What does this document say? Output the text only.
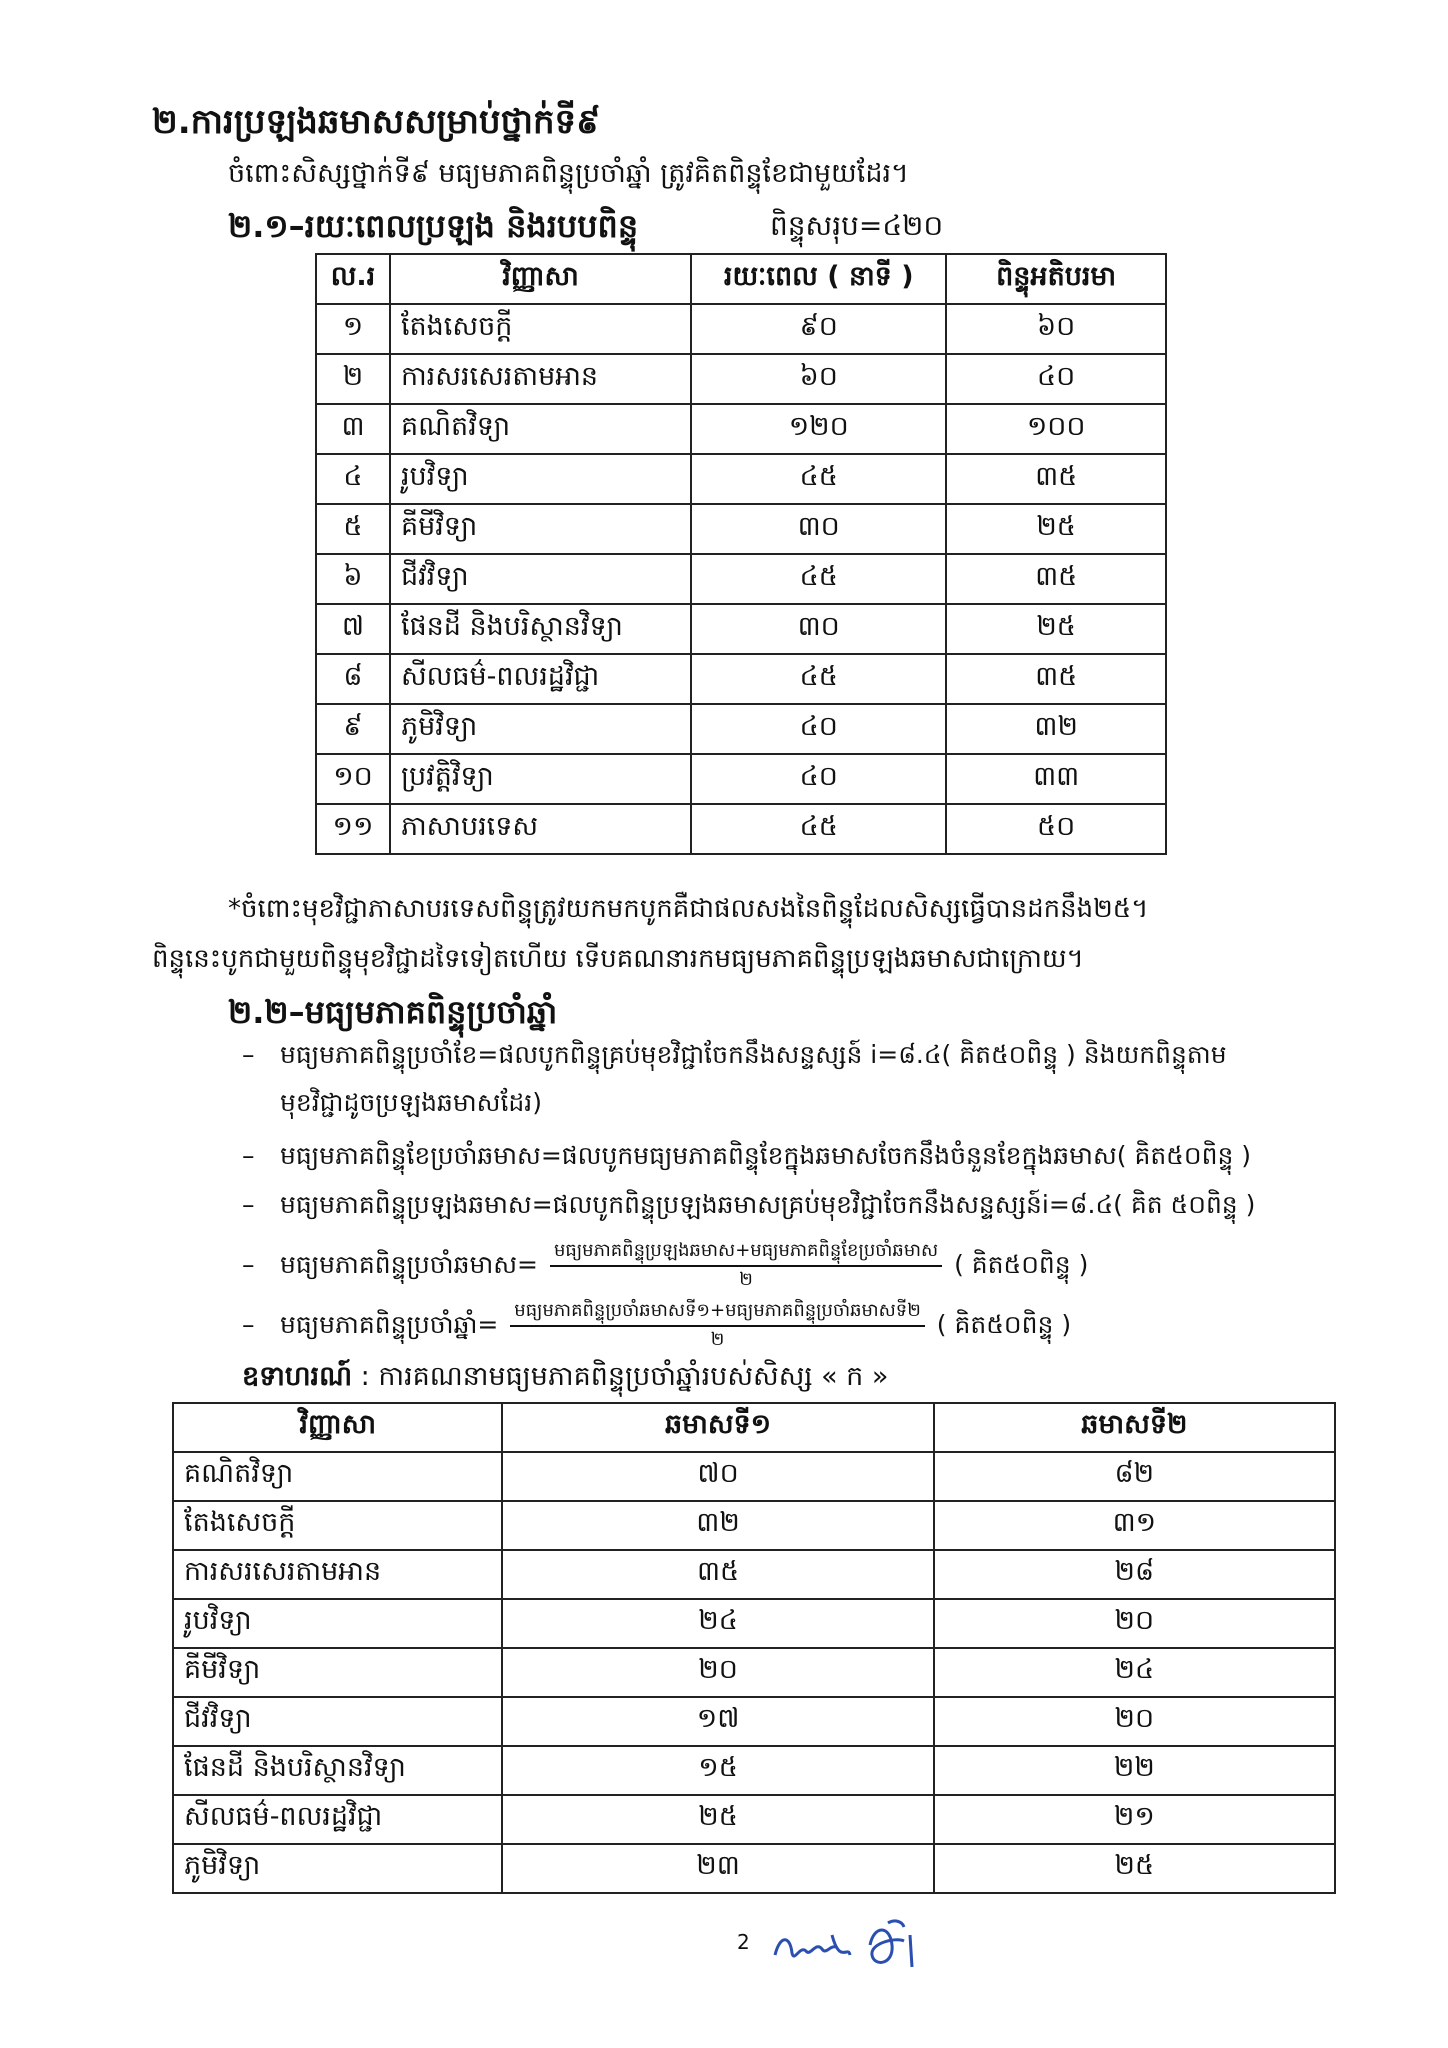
២.ការប្រឡងឆមាសសម្រាប់ថ្នាក់ទី៩
ចំពោះសិស្សថ្នាក់ទី៩ មធ្យមភាគពិន្ទុប្រចាំឆ្នាំ ត្រូវគិតពិន្ទុខែជាមួយដែរ។
២.១–រយៈពេលប្រឡង និងរបបពិន្ទុ	ពិន្ទុសរុប=៤២០
ល.រ	វិញ្ញាសា	រយៈពេល ( នាទី )	ពិន្ទុអតិបរមា
១	តែងសេចក្តី	៩០	៦០
២	ការសរសេរតាមអាន	៦០	៤០
៣	គណិតវិទ្យា	១២០	១០០
៤	រូបវិទ្យា	៤៥	៣៥
៥	គីមីវិទ្យា	៣០	២៥
៦	ជីវវិទ្យា	៤៥	៣៥
៧	ផែនដី និងបរិស្ថានវិទ្យា	៣០	២៥
៨	សីលធម៌-ពលរដ្ឋវិជ្ជា	៤៥	៣៥
៩	ភូមិវិទ្យា	៤០	៣២
១០	ប្រវត្តិវិទ្យា	៤០	៣៣
១១	ភាសាបរទេស	៤៥	៥០
*ចំពោះមុខវិជ្ជាភាសាបរទេសពិន្ទុត្រូវយកមកបូកគឺជាផលសងនៃពិន្ទុដែលសិស្សធ្វើបានដកនឹង២៥។
ពិន្ទុនេះបូកជាមួយពិន្ទុមុខវិជ្ជាដទៃទៀតហើយ ទើបគណនារកមធ្យមភាគពិន្ទុប្រឡងឆមាសជាក្រោយ។
២.២–មធ្យមភាគពិន្ទុប្រចាំឆ្នាំ
– មធ្យមភាគពិន្ទុប្រចាំខែ=ផលបូកពិន្ទុគ្រប់មុខវិជ្ជាចែកនឹងសន្ទស្សន៍ i=៨.៤( គិត៥០ពិន្ទុ ) និងយកពិន្ទុតាម
មុខវិជ្ជាដូចប្រឡងឆមាសដែរ)
– មធ្យមភាគពិន្ទុខែប្រចាំឆមាស=ផលបូកមធ្យមភាគពិន្ទុខែក្នុងឆមាសចែកនឹងចំនួនខែក្នុងឆមាស( គិត៥០ពិន្ទុ )
– មធ្យមភាគពិន្ទុប្រឡងឆមាស=ផលបូកពិន្ទុប្រឡងឆមាសគ្រប់មុខវិជ្ជាចែកនឹងសន្ទស្សន៍i=៨.៤( គិត ៥០ពិន្ទុ )
– មធ្យមភាគពិន្ទុប្រចាំឆមាស= $\frac{\text{មធ្យមភាគពិន្ទុប្រឡងឆមាស+មធ្យមភាគពិន្ទុខែប្រចាំឆមាស}}{២}$ ( គិត៥០ពិន្ទុ )
– មធ្យមភាគពិន្ទុប្រចាំឆ្នាំ= $\frac{\text{មធ្យមភាគពិន្ទុប្រចាំឆមាសទី១+មធ្យមភាគពិន្ទុប្រចាំឆមាសទី២}}{២}$ ( គិត៥០ពិន្ទុ )
ឧទាហរណ៍ : ការគណនាមធ្យមភាគពិន្ទុប្រចាំឆ្នាំរបស់សិស្ស « ក »
វិញ្ញាសា	ឆមាសទី១	ឆមាសទី២
គណិតវិទ្យា	៧០	៨២
តែងសេចក្តី	៣២	៣១
ការសរសេរតាមអាន	៣៥	២៨
រូបវិទ្យា	២៤	២០
គីមីវិទ្យា	២០	២៤
ជីវវិទ្យា	១៧	២០
ផែនដី និងបរិស្ថានវិទ្យា	១៥	២២
សីលធម៌-ពលរដ្ឋវិជ្ជា	២៥	២១
ភូមិវិទ្យា	២៣	២៥
2
